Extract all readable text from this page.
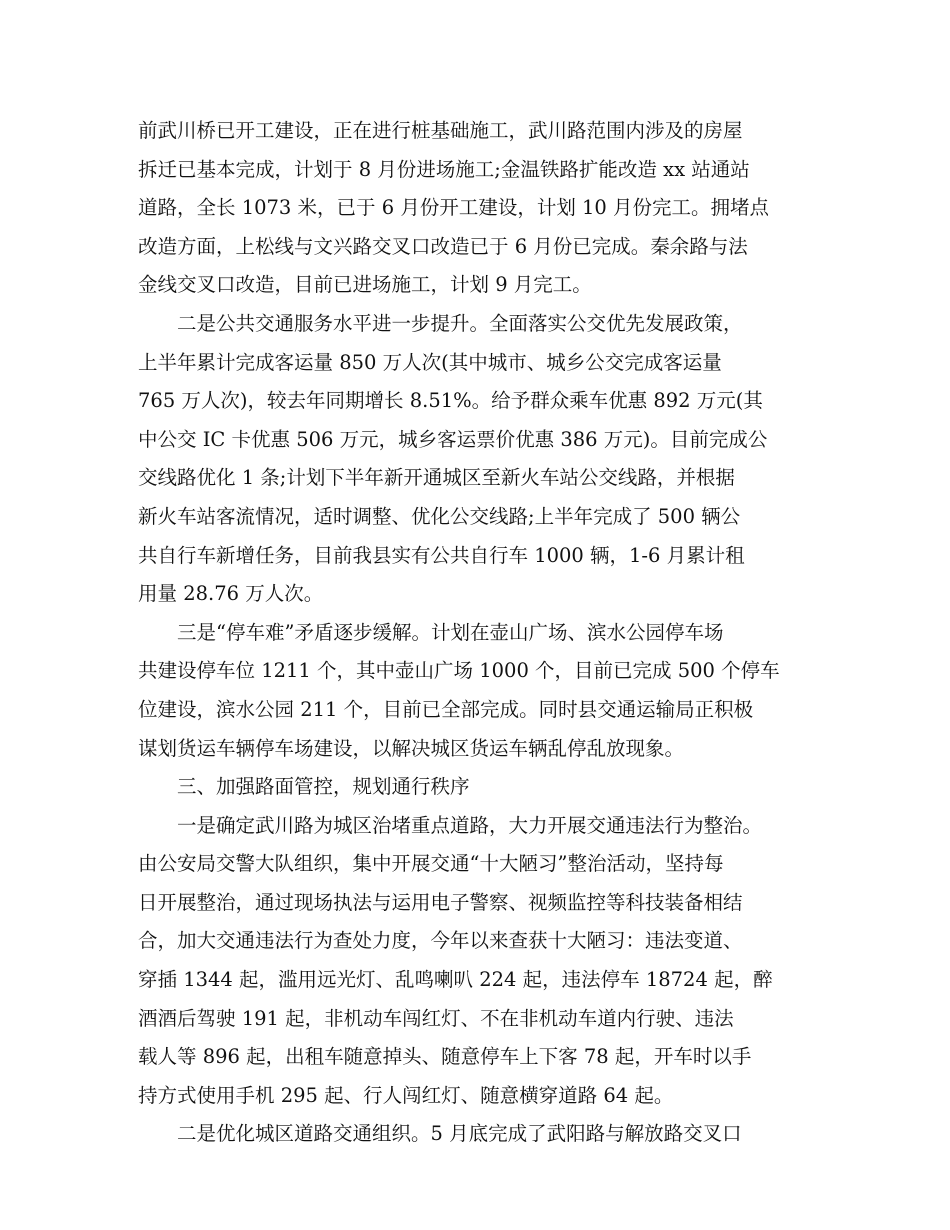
前武川桥已开工建设，正在进行桩基础施工，武川路范围内涉及的房屋
拆迁已基本完成，计划于 8 月份进场施工;金温铁路扩能改造 xx 站通站
道路，全长 1073 米，已于 6 月份开工建设，计划 10 月份完工。拥堵点
改造方面，上松线与文兴路交叉口改造已于 6 月份已完成。秦余路与法
金线交叉口改造，目前已进场施工，计划 9 月完工。
二是公共交通服务水平进一步提升。全面落实公交优先发展政策，
上半年累计完成客运量 850 万人次(其中城市、城乡公交完成客运量
765 万人次)，较去年同期增长 8.51%。给予群众乘车优惠 892 万元(其
中公交 IC 卡优惠 506 万元，城乡客运票价优惠 386 万元)。目前完成公
交线路优化 1 条;计划下半年新开通城区至新火车站公交线路，并根据
新火车站客流情况，适时调整、优化公交线路;上半年完成了 500 辆公
共自行车新增任务，目前我县实有公共自行车 1000 辆，1-6 月累计租
用量 28.76 万人次。
三是“停车难”矛盾逐步缓解。计划在壶山广场、滨水公园停车场
共建设停车位 1211 个，其中壶山广场 1000 个，目前已完成 500 个停车
位建设，滨水公园 211 个，目前已全部完成。同时县交通运输局正积极
谋划货运车辆停车场建设，以解决城区货运车辆乱停乱放现象。
三、加强路面管控，规划通行秩序
一是确定武川路为城区治堵重点道路，大力开展交通违法行为整治。
由公安局交警大队组织，集中开展交通“十大陋习”整治活动，坚持每
日开展整治，通过现场执法与运用电子警察、视频监控等科技装备相结
合，加大交通违法行为查处力度，今年以来查获十大陋习：违法变道、
穿插 1344 起，滥用远光灯、乱鸣喇叭 224 起，违法停车 18724 起，醉
酒酒后驾驶 191 起，非机动车闯红灯、不在非机动车道内行驶、违法
载人等 896 起，出租车随意掉头、随意停车上下客 78 起，开车时以手
持方式使用手机 295 起、行人闯红灯、随意横穿道路 64 起。
二是优化城区道路交通组织。5 月底完成了武阳路与解放路交叉口
